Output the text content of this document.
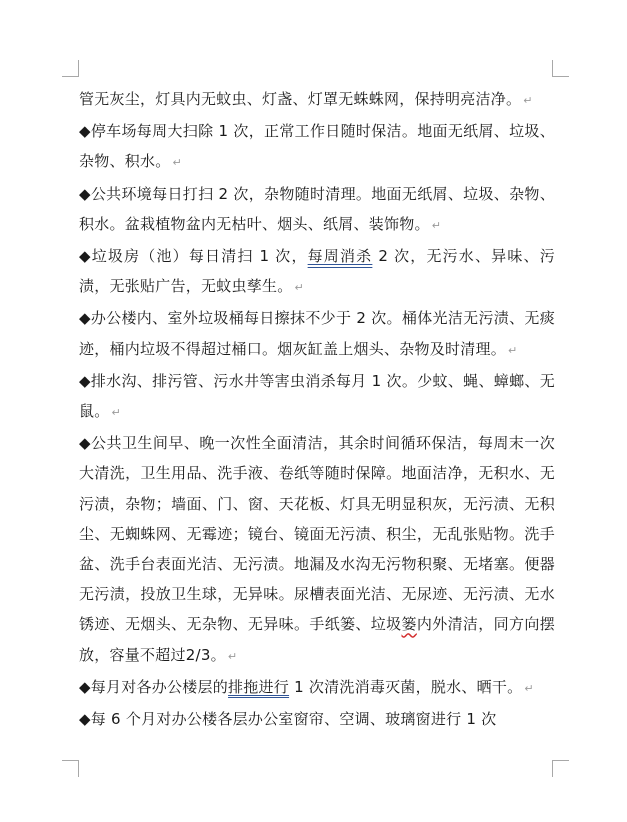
管无灰尘，灯具内无蚊虫、灯盏、灯罩无蛛蛛网，保持明亮洁净。 ↵

◆停车场每周大扫除 1 次，正常工作日随时保洁。地面无纸屑、垃圾、杂物、积水。 ↵

◆公共环境每日打扫 2 次，杂物随时清理。地面无纸屑、垃圾、杂物、积水。盆栽植物盆内无枯叶、烟头、纸屑、装饰物。 ↵

◆垃圾房（池）每日清扫 1 次，每周消杀 2 次，无污水、异味、污渍，无张贴广告，无蚊虫孳生。 ↵

◆办公楼内、室外垃圾桶每日擦抹不少于 2 次。桶体光洁无污渍、无痰迹，桶内垃圾不得超过桶口。烟灰缸盖上烟头、杂物及时清理。 ↵

◆排水沟、排污管、污水井等害虫消杀每月 1 次。少蚊、蝇、蟑螂、无鼠。 ↵

◆公共卫生间早、晚一次性全面清洁，其余时间循环保洁，每周末一次大清洗，卫生用品、洗手液、卷纸等随时保障。地面洁净，无积水、无污渍，杂物；墙面、门、窗、天花板、灯具无明显积灰，无污渍、无积尘、无蜘蛛网、无霉迹；镜台、镜面无污渍、积尘，无乱张贴物。洗手盆、洗手台表面光洁、无污渍。地漏及水沟无污物积聚、无堵塞。便器无污渍，投放卫生球，无异味。尿槽表面光洁、无尿迹、无污渍、无水锈迹、无烟头、无杂物、无异味。手纸篓、垃圾篓内外清洁，同方向摆放，容量不超过2/3。 ↵

◆每月对各办公楼层的排拖进行 1 次清洗消毒灭菌，脱水、晒干。 ↵

◆每 6 个月对办公楼各层办公室窗帘、空调、玻璃窗进行 1 次
